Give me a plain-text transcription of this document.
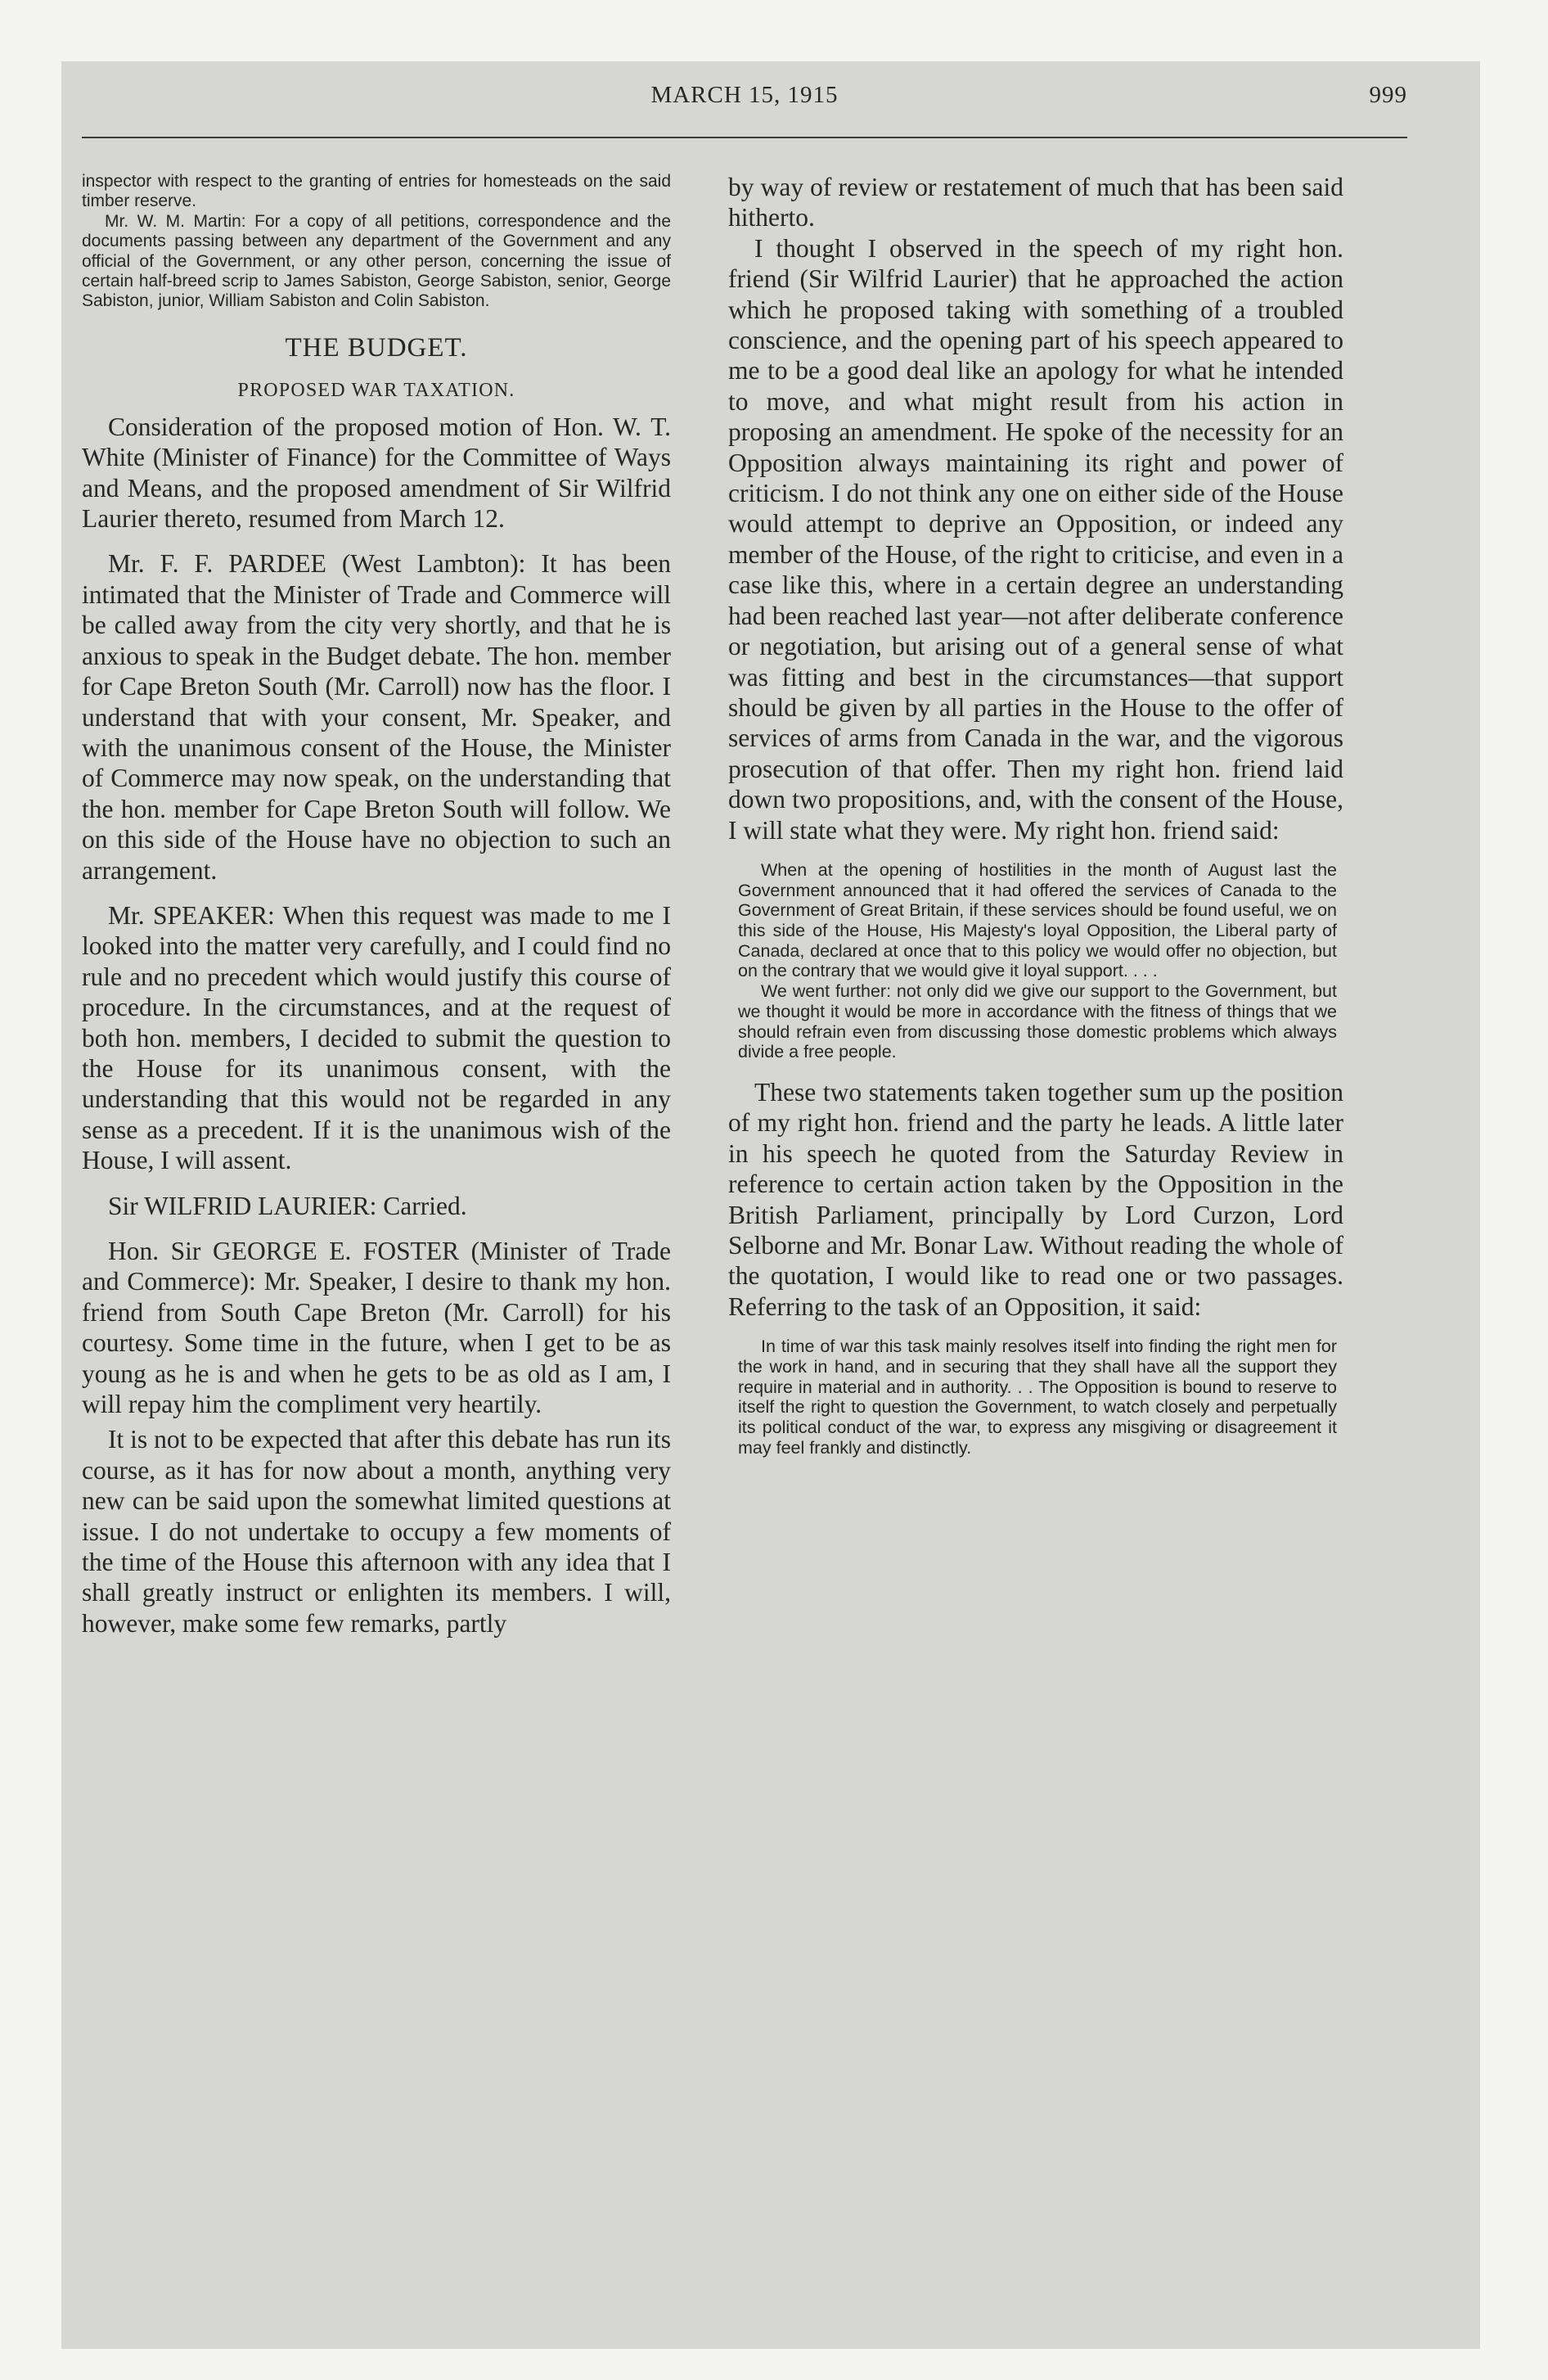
MARCH 15, 1915	999

inspector with respect to the granting of entries for homesteads on the said timber reserve.

Mr. W. M. Martin: For a copy of all petitions, correspondence and the documents passing between any department of the Government and any official of the Government, or any other person, concerning the issue of certain half-breed scrip to James Sabiston, George Sabiston, senior, George Sabiston, junior, William Sabiston and Colin Sabiston.

THE BUDGET.

PROPOSED WAR TAXATION.

Consideration of the proposed motion of Hon. W. T. White (Minister of Finance) for the Committee of Ways and Means, and the proposed amendment of Sir Wilfrid Laurier thereto, resumed from March 12.

Mr. F. F. PARDEE (West Lambton): It has been intimated that the Minister of Trade and Commerce will be called away from the city very shortly, and that he is anxious to speak in the Budget debate. The hon. member for Cape Breton South (Mr. Carroll) now has the floor. I understand that with your consent, Mr. Speaker, and with the unanimous consent of the House, the Minister of Commerce may now speak, on the understanding that the hon. member for Cape Breton South will follow. We on this side of the House have no objection to such an arrangement.

Mr. SPEAKER: When this request was made to me I looked into the matter very carefully, and I could find no rule and no precedent which would justify this course of procedure. In the circumstances, and at the request of both hon. members, I decided to submit the question to the House for its unanimous consent, with the understanding that this would not be regarded in any sense as a precedent. If it is the unanimous wish of the House, I will assent.

Sir WILFRID LAURIER: Carried.

Hon. Sir GEORGE E. FOSTER (Minister of Trade and Commerce): Mr. Speaker, I desire to thank my hon. friend from South Cape Breton (Mr. Carroll) for his courtesy. Some time in the future, when I get to be as young as he is and when he gets to be as old as I am, I will repay him the compliment very heartily.

It is not to be expected that after this debate has run its course, as it has for now about a month, anything very new can be said upon the somewhat limited questions at issue. I do not undertake to occupy a few moments of the time of the House this afternoon with any idea that I shall greatly instruct or enlighten its members. I will, however, make some few remarks, partly

by way of review or restatement of much that has been said hitherto.

I thought I observed in the speech of my right hon. friend (Sir Wilfrid Laurier) that he approached the action which he proposed taking with something of a troubled conscience, and the opening part of his speech appeared to me to be a good deal like an apology for what he intended to move, and what might result from his action in proposing an amendment. He spoke of the necessity for an Opposition always maintaining its right and power of criticism. I do not think any one on either side of the House would attempt to deprive an Opposition, or indeed any member of the House, of the right to criticise, and even in a case like this, where in a certain degree an understanding had been reached last year—not after deliberate conference or negotiation, but arising out of a general sense of what was fitting and best in the circumstances—that support should be given by all parties in the House to the offer of services of arms from Canada in the war, and the vigorous prosecution of that offer. Then my right hon. friend laid down two propositions, and, with the consent of the House, I will state what they were. My right hon. friend said:

When at the opening of hostilities in the month of August last the Government announced that it had offered the services of Canada to the Government of Great Britain, if these services should be found useful, we on this side of the House, His Majesty's loyal Opposition, the Liberal party of Canada, declared at once that to this policy we would offer no objection, but on the contrary that we would give it loyal support. . . .

We went further: not only did we give our support to the Government, but we thought it would be more in accordance with the fitness of things that we should refrain even from discussing those domestic problems which always divide a free people.

These two statements taken together sum up the position of my right hon. friend and the party he leads. A little later in his speech he quoted from the Saturday Review in reference to certain action taken by the Opposition in the British Parliament, principally by Lord Curzon, Lord Selborne and Mr. Bonar Law. Without reading the whole of the quotation, I would like to read one or two passages. Referring to the task of an Opposition, it said:

In time of war this task mainly resolves itself into finding the right men for the work in hand, and in securing that they shall have all the support they require in material and in authority. . . The Opposition is bound to reserve to itself the right to question the Government, to watch closely and perpetually its political conduct of the war, to express any misgiving or disagreement it may feel frankly and distinctly.
